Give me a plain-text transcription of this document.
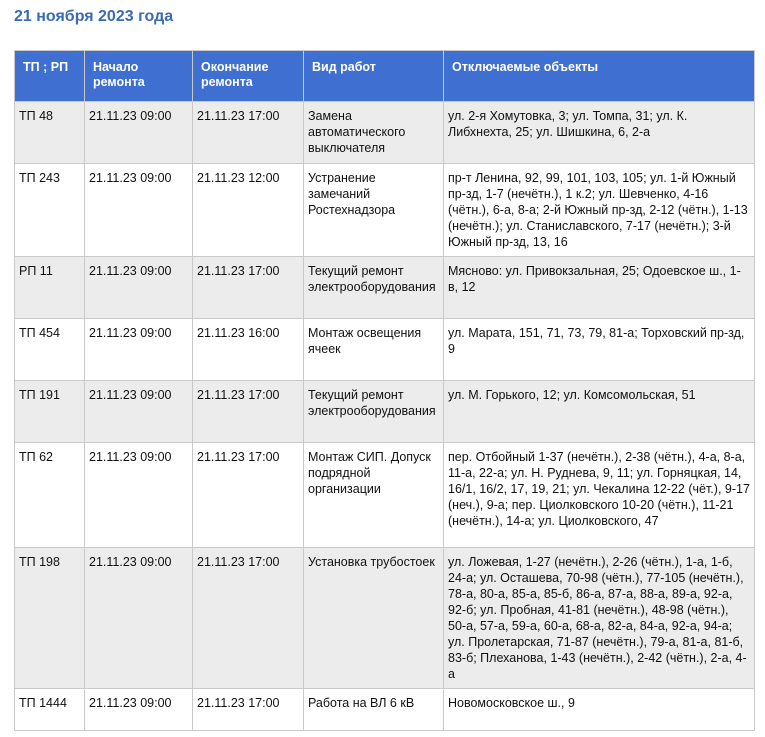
21 ноября 2023 года
ТП ; РП	Начало ремонта	Окончание ремонта	Вид работ	Отключаемые объекты
ТП 48	21.11.23 09:00	21.11.23 17:00	Замена автоматического выключателя	ул. 2-я Хомутовка, 3; ул. Томпа, 31; ул. К. Либхнехта, 25; ул. Шишкина, 6, 2-а
ТП 243	21.11.23 09:00	21.11.23 12:00	Устранение замечаний Ростехнадзора	пр-т Ленина, 92, 99, 101, 103, 105; ул. 1-й Южный пр-зд, 1-7 (нечётн.), 1 к.2; ул. Шевченко, 4-16 (чётн.), 6-а, 8-а; 2-й Южный пр-зд, 2-12 (чётн.), 1-13 (нечётн.); ул. Станиславского, 7-17 (нечётн.); 3-й Южный пр-зд, 13, 16
РП 11	21.11.23 09:00	21.11.23 17:00	Текущий ремонт электрооборудования	Мясново: ул. Привокзальная, 25; Одоевское ш., 1-в, 12
ТП 454	21.11.23 09:00	21.11.23 16:00	Монтаж освещения ячеек	ул. Марата, 151, 71, 73, 79, 81-а; Торховский пр-зд, 9
ТП 191	21.11.23 09:00	21.11.23 17:00	Текущий ремонт электрооборудования	ул. М. Горького, 12; ул. Комсомольская, 51
ТП 62	21.11.23 09:00	21.11.23 17:00	Монтаж СИП. Допуск подрядной организации	пер. Отбойный 1-37 (нечётн.), 2-38 (чётн.), 4-а, 8-а, 11-а, 22-а; ул. Н. Руднева, 9, 11; ул. Горняцкая, 14, 16/1, 16/2, 17, 19, 21; ул. Чекалина 12-22 (чёт.), 9-17 (неч.), 9-а; пер. Циолковского 10-20 (чётн.), 11-21 (нечётн.), 14-а; ул. Циолковского, 47
ТП 198	21.11.23 09:00	21.11.23 17:00	Установка трубостоек	ул. Ложевая, 1-27 (нечётн.), 2-26 (чётн.), 1-а, 1-б, 24-а; ул. Осташева, 70-98 (чётн.), 77-105 (нечётн.), 78-а, 80-а, 85-а, 85-б, 86-а, 87-а, 88-а, 89-а, 92-а, 92-б; ул. Пробная, 41-81 (нечётн.), 48-98 (чётн.), 50-а, 57-а, 59-а, 60-а, 68-а, 82-а, 84-а, 92-а, 94-а; ул. Пролетарская, 71-87 (нечётн.), 79-а, 81-а, 81-б, 83-б; Плеханова, 1-43 (нечётн.), 2-42 (чётн.), 2-а, 4-а
ТП 1444	21.11.23 09:00	21.11.23 17:00	Работа на ВЛ 6 кВ	Новомосковское ш., 9
